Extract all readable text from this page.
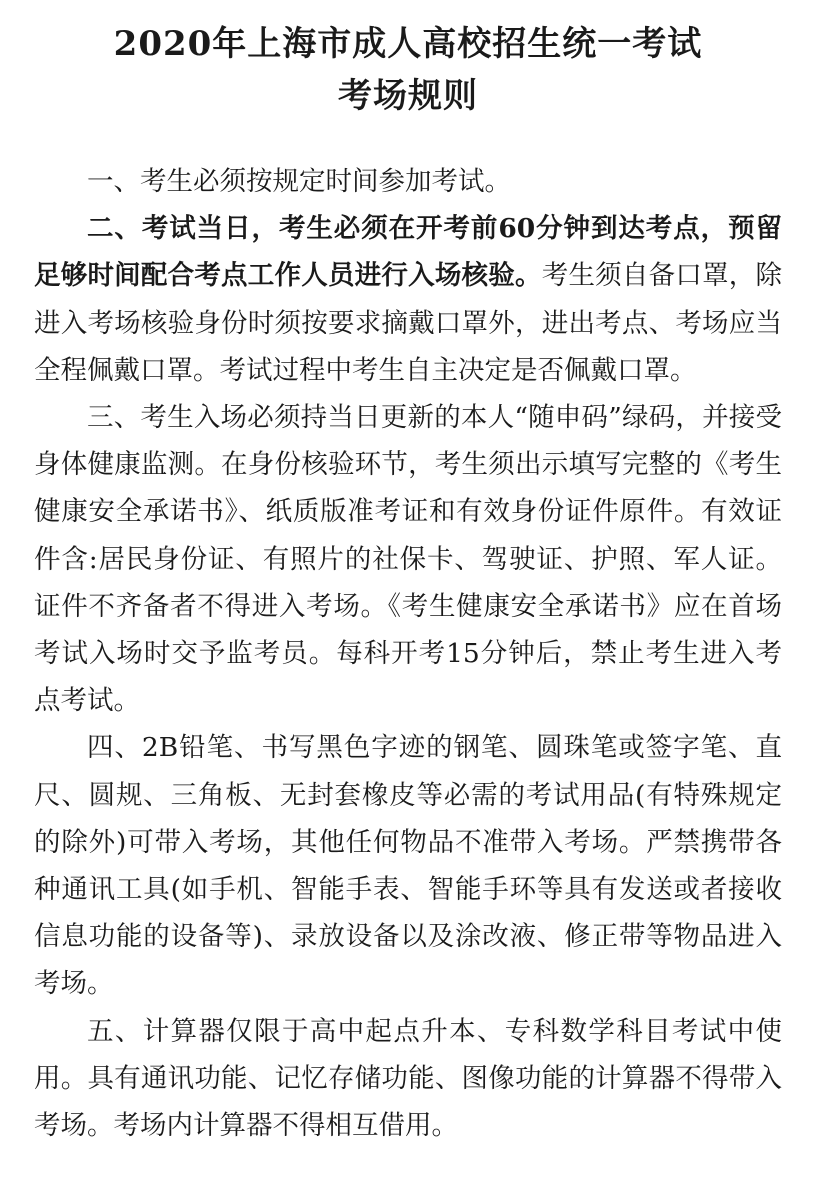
2020年上海市成人高校招生统一考试
考场规则

一、考生必须按规定时间参加考试。

二、考试当日，考生必须在开考前60分钟到达考点，预留足够时间配合考点工作人员进行入场核验。考生须自备口罩，除进入考场核验身份时须按要求摘戴口罩外，进出考点、考场应当全程佩戴口罩。考试过程中考生自主决定是否佩戴口罩。

三、考生入场必须持当日更新的本人“随申码”绿码，并接受身体健康监测。在身份核验环节，考生须出示填写完整的《考生健康安全承诺书》、纸质版准考证和有效身份证件原件。有效证件含:居民身份证、有照片的社保卡、驾驶证、护照、军人证。证件不齐备者不得进入考场。《考生健康安全承诺书》应在首场考试入场时交予监考员。每科开考15分钟后，禁止考生进入考点考试。

四、2B铅笔、书写黑色字迹的钢笔、圆珠笔或签字笔、直尺、圆规、三角板、无封套橡皮等必需的考试用品(有特殊规定的除外)可带入考场，其他任何物品不准带入考场。严禁携带各种通讯工具(如手机、智能手表、智能手环等具有发送或者接收信息功能的设备等)、录放设备以及涂改液、修正带等物品进入考场。

五、计算器仅限于高中起点升本、专科数学科目考试中使用。具有通讯功能、记忆存储功能、图像功能的计算器不得带入考场。考场内计算器不得相互借用。
